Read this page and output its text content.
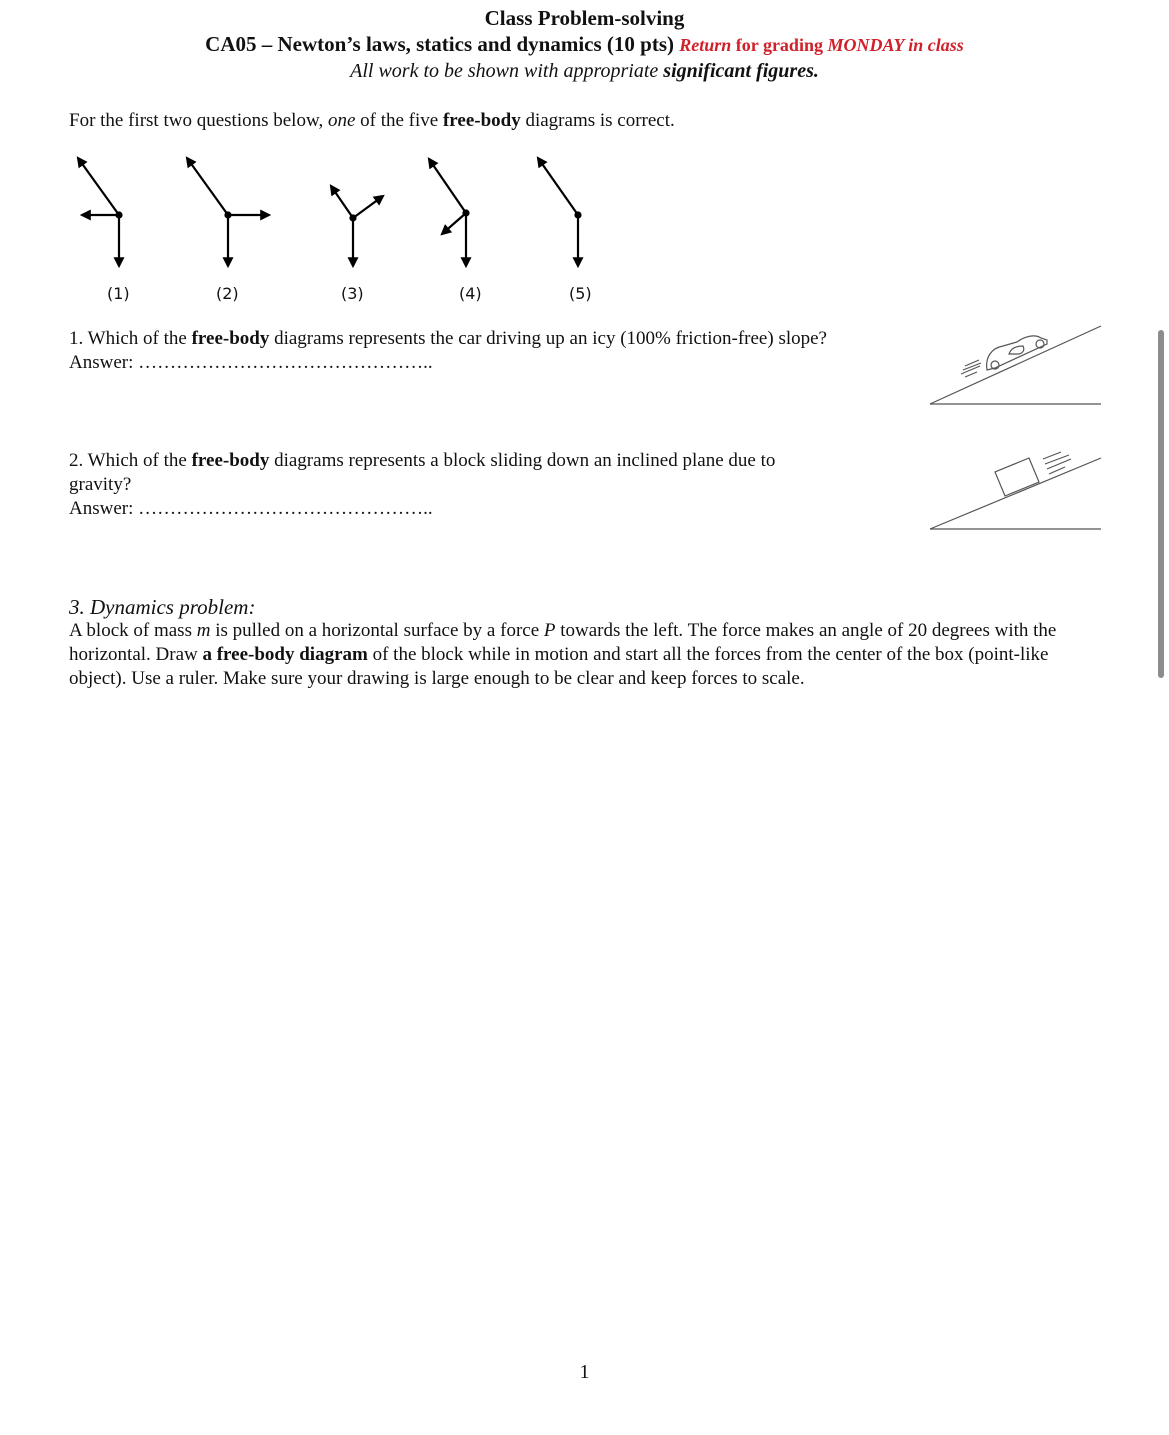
Class Problem-solving
CA05 – Newton’s laws, statics and dynamics (10 pts) Return for grading MONDAY in class
All work to be shown with appropriate significant figures.
For the first two questions below, one of the five free-body diagrams is correct.
(1)	(2)	(3)	(4)	(5)
1. Which of the free-body diagrams represents the car driving up an icy (100% friction-free) slope?
Answer: ………………………………………..
2. Which of the free-body diagrams represents a block sliding down an inclined plane due to
gravity?
Answer: ………………………………………..
3. Dynamics problem:
A block of mass m is pulled on a horizontal surface by a force P towards the left. The force makes an angle of 20 degrees with the horizontal. Draw a free-body diagram of the block while in motion and start all the forces from the center of the box (point-like object). Use a ruler. Make sure your drawing is large enough to be clear and keep forces to scale.
1
